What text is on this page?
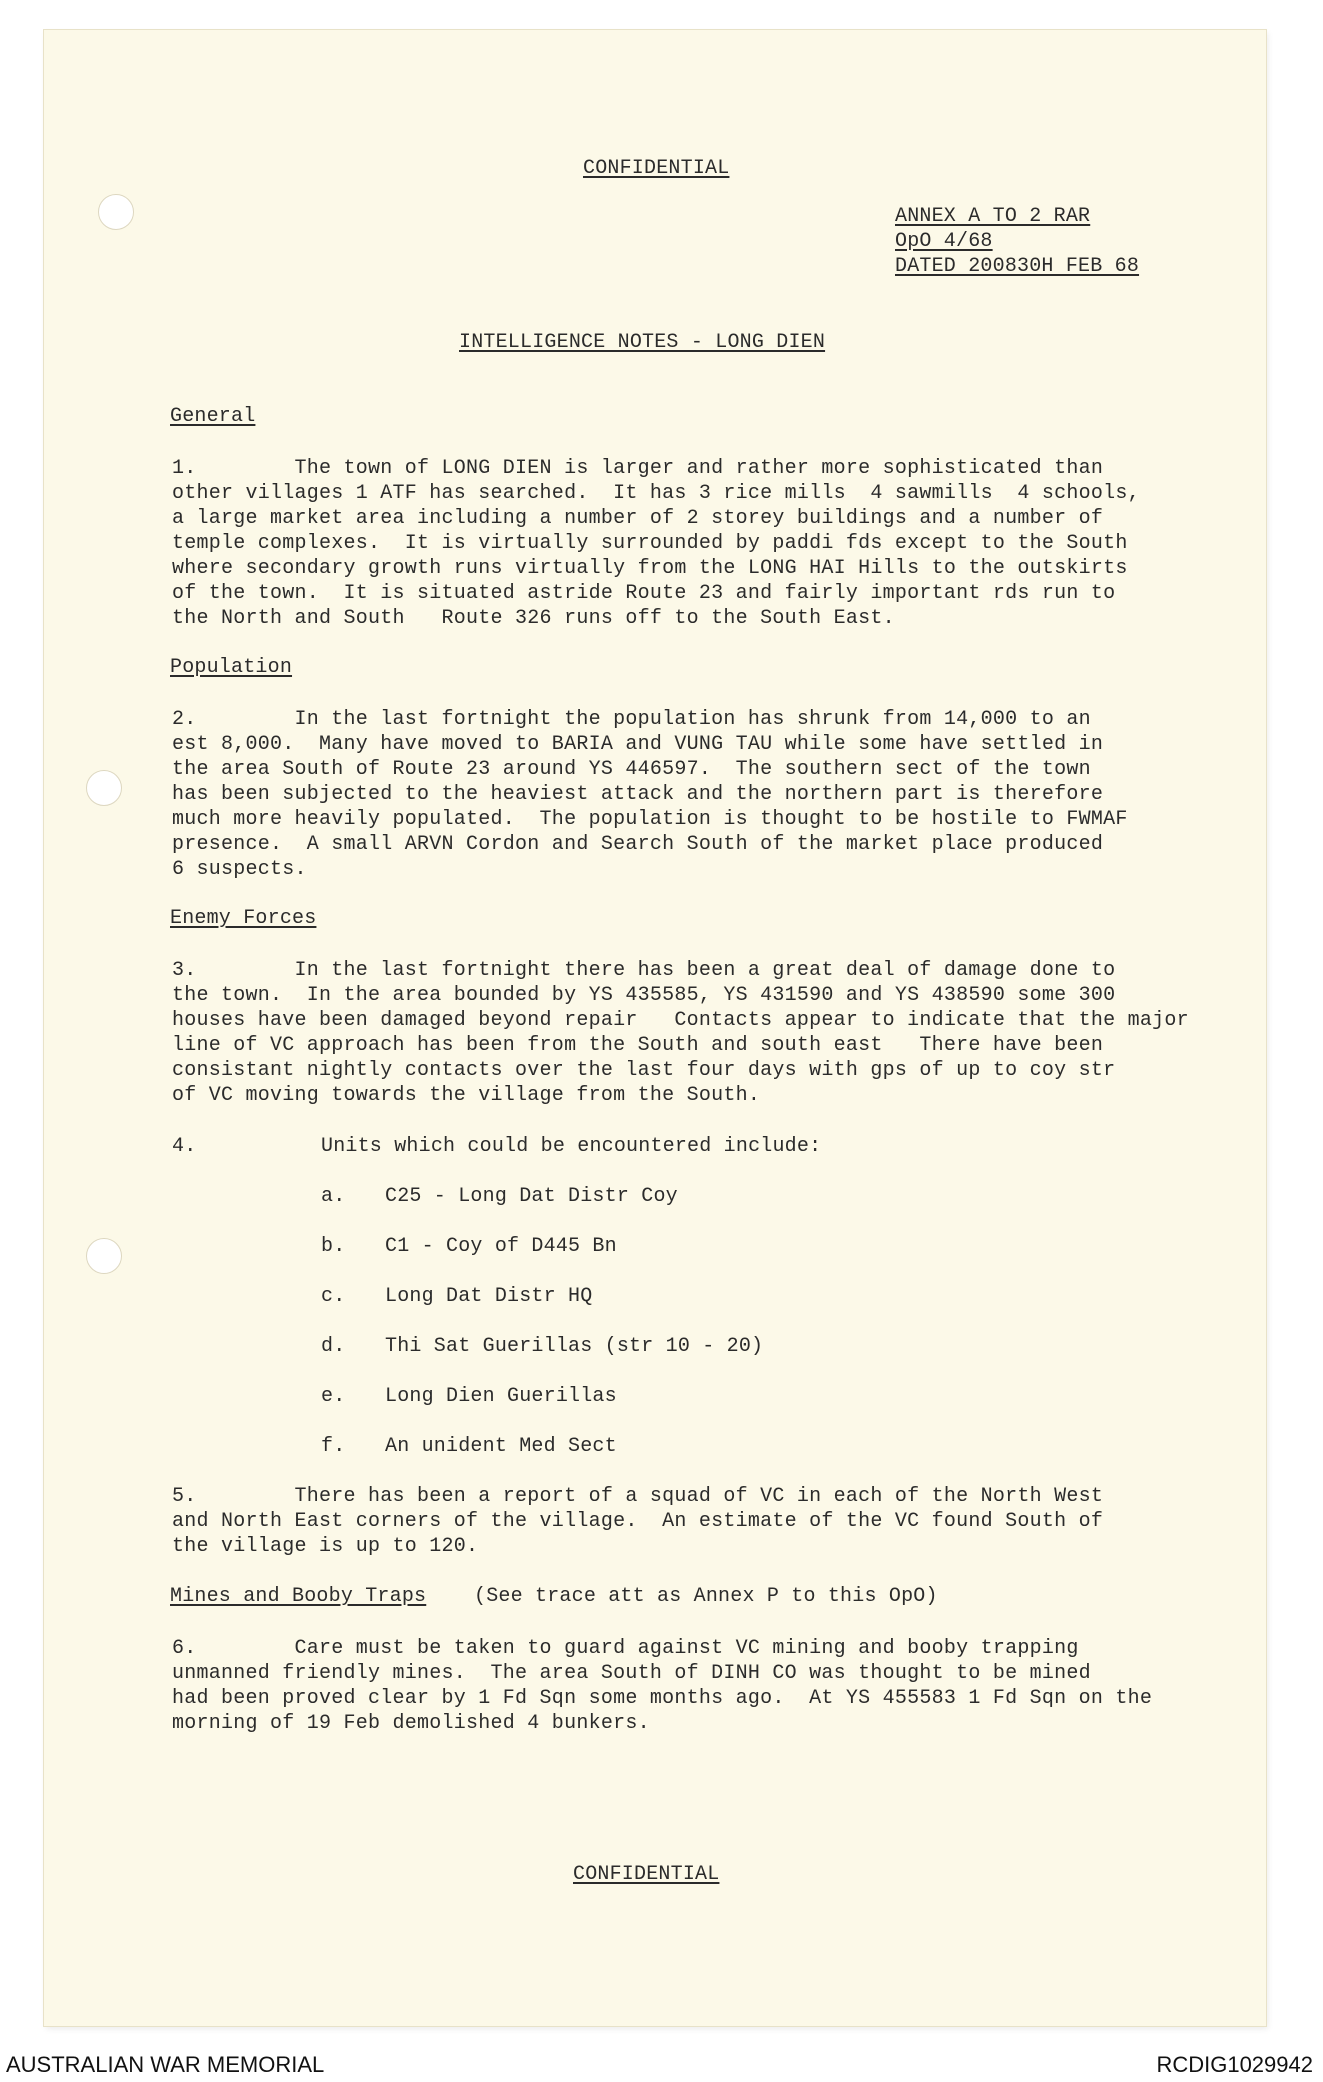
CONFIDENTIAL
ANNEX A TO 2 RAR
OpO 4/68
DATED 200830H FEB 68
INTELLIGENCE NOTES - LONG DIEN
General
1.        The town of LONG DIEN is larger and rather more sophisticated than
other villages 1 ATF has searched.  It has 3 rice mills  4 sawmills  4 schools,
a large market area including a number of 2 storey buildings and a number of
temple complexes.  It is virtually surrounded by paddi fds except to the South
where secondary growth runs virtually from the LONG HAI Hills to the outskirts
of the town.  It is situated astride Route 23 and fairly important rds run to
the North and South   Route 326 runs off to the South East.
Population
2.        In the last fortnight the population has shrunk from 14,000 to an
est 8,000.  Many have moved to BARIA and VUNG TAU while some have settled in
the area South of Route 23 around YS 446597.  The southern sect of the town
has been subjected to the heaviest attack and the northern part is therefore
much more heavily populated.  The population is thought to be hostile to FWMAF
presence.  A small ARVN Cordon and Search South of the market place produced
6 suspects.
Enemy Forces
3.        In the last fortnight there has been a great deal of damage done to
the town.  In the area bounded by YS 435585, YS 431590 and YS 438590 some 300
houses have been damaged beyond repair   Contacts appear to indicate that the major
line of VC approach has been from the South and south east   There have been
consistant nightly contacts over the last four days with gps of up to coy str
of VC moving towards the village from the South.
4.	Units which could be encountered include:
a. C25 - Long Dat Distr Coy
b. C1 - Coy of D445 Bn
c. Long Dat Distr HQ
d. Thi Sat Guerillas (str 10 - 20)
e. Long Dien Guerillas
f. An unident Med Sect
5.        There has been a report of a squad of VC in each of the North West
and North East corners of the village.  An estimate of the VC found South of
the village is up to 120.
Mines and Booby Traps (See trace att as Annex P to this OpO)
6.        Care must be taken to guard against VC mining and booby trapping
unmanned friendly mines.  The area South of DINH CO was thought to be mined
had been proved clear by 1 Fd Sqn some months ago.  At YS 455583 1 Fd Sqn on the
morning of 19 Feb demolished 4 bunkers.
CONFIDENTIAL
AUSTRALIAN WAR MEMORIAL	RCDIG1029942
